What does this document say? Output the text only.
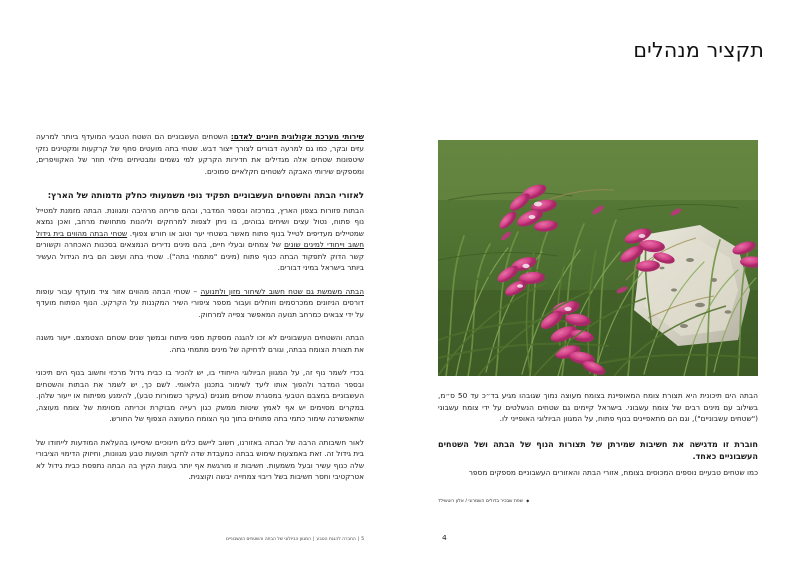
תקציר מנהלים

הבתה הים תיכונית היא תצורת צומח המאופיינת בצומח מעוצה נמוך שגובהו מגיע בד״כ עד 50 ס״מ, בשילוב עם מינים רבים של צומח עשבוני. בישראל קיימים גם שטחים הנשלטים על ידי צומח עשבוני ("שטחים עשבוניים"), וגם הם מתאפיינים בנוף פתוח, על המגוון הביולוגי האופייני לו.

חוברת זו מדגישה את חשיבות שמירתן של תצורות הנוף של הבתה ושל השטחים העשבוניים כאחד.

כמו שטחים טבעיים נוספים המכוסים בצומח, אזורי הבתה והאזורים העשבוניים מספקים מספר

◆שפת שבכיר בדולים השמרוני / אלון רוטשילד
4

שירותי מערכת אקולוגית חיוניים לאדם: השטחים העשבוניים הם השטח הטבעי המועדף ביותר למרעה עזים ובקר, כמו גם למרעה דבורים לצורך ייצור דבש. שטחי בתה מועטים סחף של קרקעות ומקטינים נזקי שיטפונות שטחים אלה מגדילים את חדירות הקרקע למי גשמים ומבטיחים מילוי חוזר של האקוויפרים, ומספקים שירותי האבקה לשטחים חקלאיים סמוכים.

לאזורי הבתה והשטחים העשבוניים תפקיד נופי משמעותי כחלק מדמותה של הארץ:

הבתות פזורות בצפון הארץ, במרכזה ובספר המדבר, ובהם פריחה מרהיבה ומגוונת. הבתה מזמנת למטייל נוף פתוח, נטול עצים ושיחים גבוהים, בו ניתן לצפות למרחקים וליהנות מתחושת מרחב, ואכן נמצא שמטיילים מעדיפים לטייל בנוף פתוח מאשר בשטחי יער וטוב או חורש צפוף. שטחי הבתה מהווים בית גידול חשוב וייחודי למינים שונים של צמחים ובעלי חיים, בהם מינים נדירים הנמצאים בסכנות האכחרה וקשורים קשר הדוק לתפקוד הבתה כנוף פתוח (מינים "מתמחי בתה"). שטחי בתה ועשב הם בית הגידול העשיר ביותר בישראל במיני דבורים.

הבתה משמשת גם שטח חשוב לשיחור מזון ולתנועה – שטחי הבתה מהווים אזור ציד מועדף עבור עופות דורסים הניזונים ממכרסמים וזוחלים ועבור מספר ציפורי השיר המקננות על הקרקע. הנוף הפתוח מועדף על ידי צבאים כמרחב תנועה המאפשר צפייה למרחוק.

הבתה והשטחים העשבוניים לא זכו להגנה מספקת מפני פיתוח ובמשך שנים שטחם הצטמצם. ייעור משנה את תצורת הצומח בבתה, וגורם לדחיקה של מינים מתמחי בתה.

בכדי לשמר נוף זה, על המגוון הביולוגי הייחודי בו, יש להכיר בו כבית גידול מרכזי וחשוב בנוף הים תיכוני ובספר המדבר ולהפוך אותו ליעד לשימור בתכנון הלאומי. לשם כך, יש לשמר את הבתות והשטחים העשבוניים במצבם הטבעי במסגרת שטחים מוגנים (בעיקר כשמורות טבע), להימנע מפיתוח או ייעור שלהן. במקרים מסוימים יש אף לאמץ שיטות ממשק כגון רעייה מבוקרת וכריתה מסוימת של צומח מעוצה, שתאפשרנה שימור כתמי בתה פתוחים בתוך נוף הצומח המעוצה הצפוף של החורש.

לאור חשיבותה הרבה של הבתה באזורנו, חשוב ליישם כלים חינוכיים שיסייעו בהעלאת המודעות לייחודו של בית גידול זה. זאת באמצעות שימוש בבתה כמעבדת שדה לחקר תופעות טבע מגוונות, וחיזוק הדימוי הציבורי שלה כנוף עשיר ובעל משמעות. חשיבות זו מורגשת אף יותר בעונת הקיץ בה הבתה נתפסת כבית גידול לא אטרקטיבי וחסר חשיבות בשל ריבוי צמחייה יבשה וקוצנית.

5|החברה להגנת הטבע|המגוון הביולוגי של הבתה והשטחים העשבוניים
